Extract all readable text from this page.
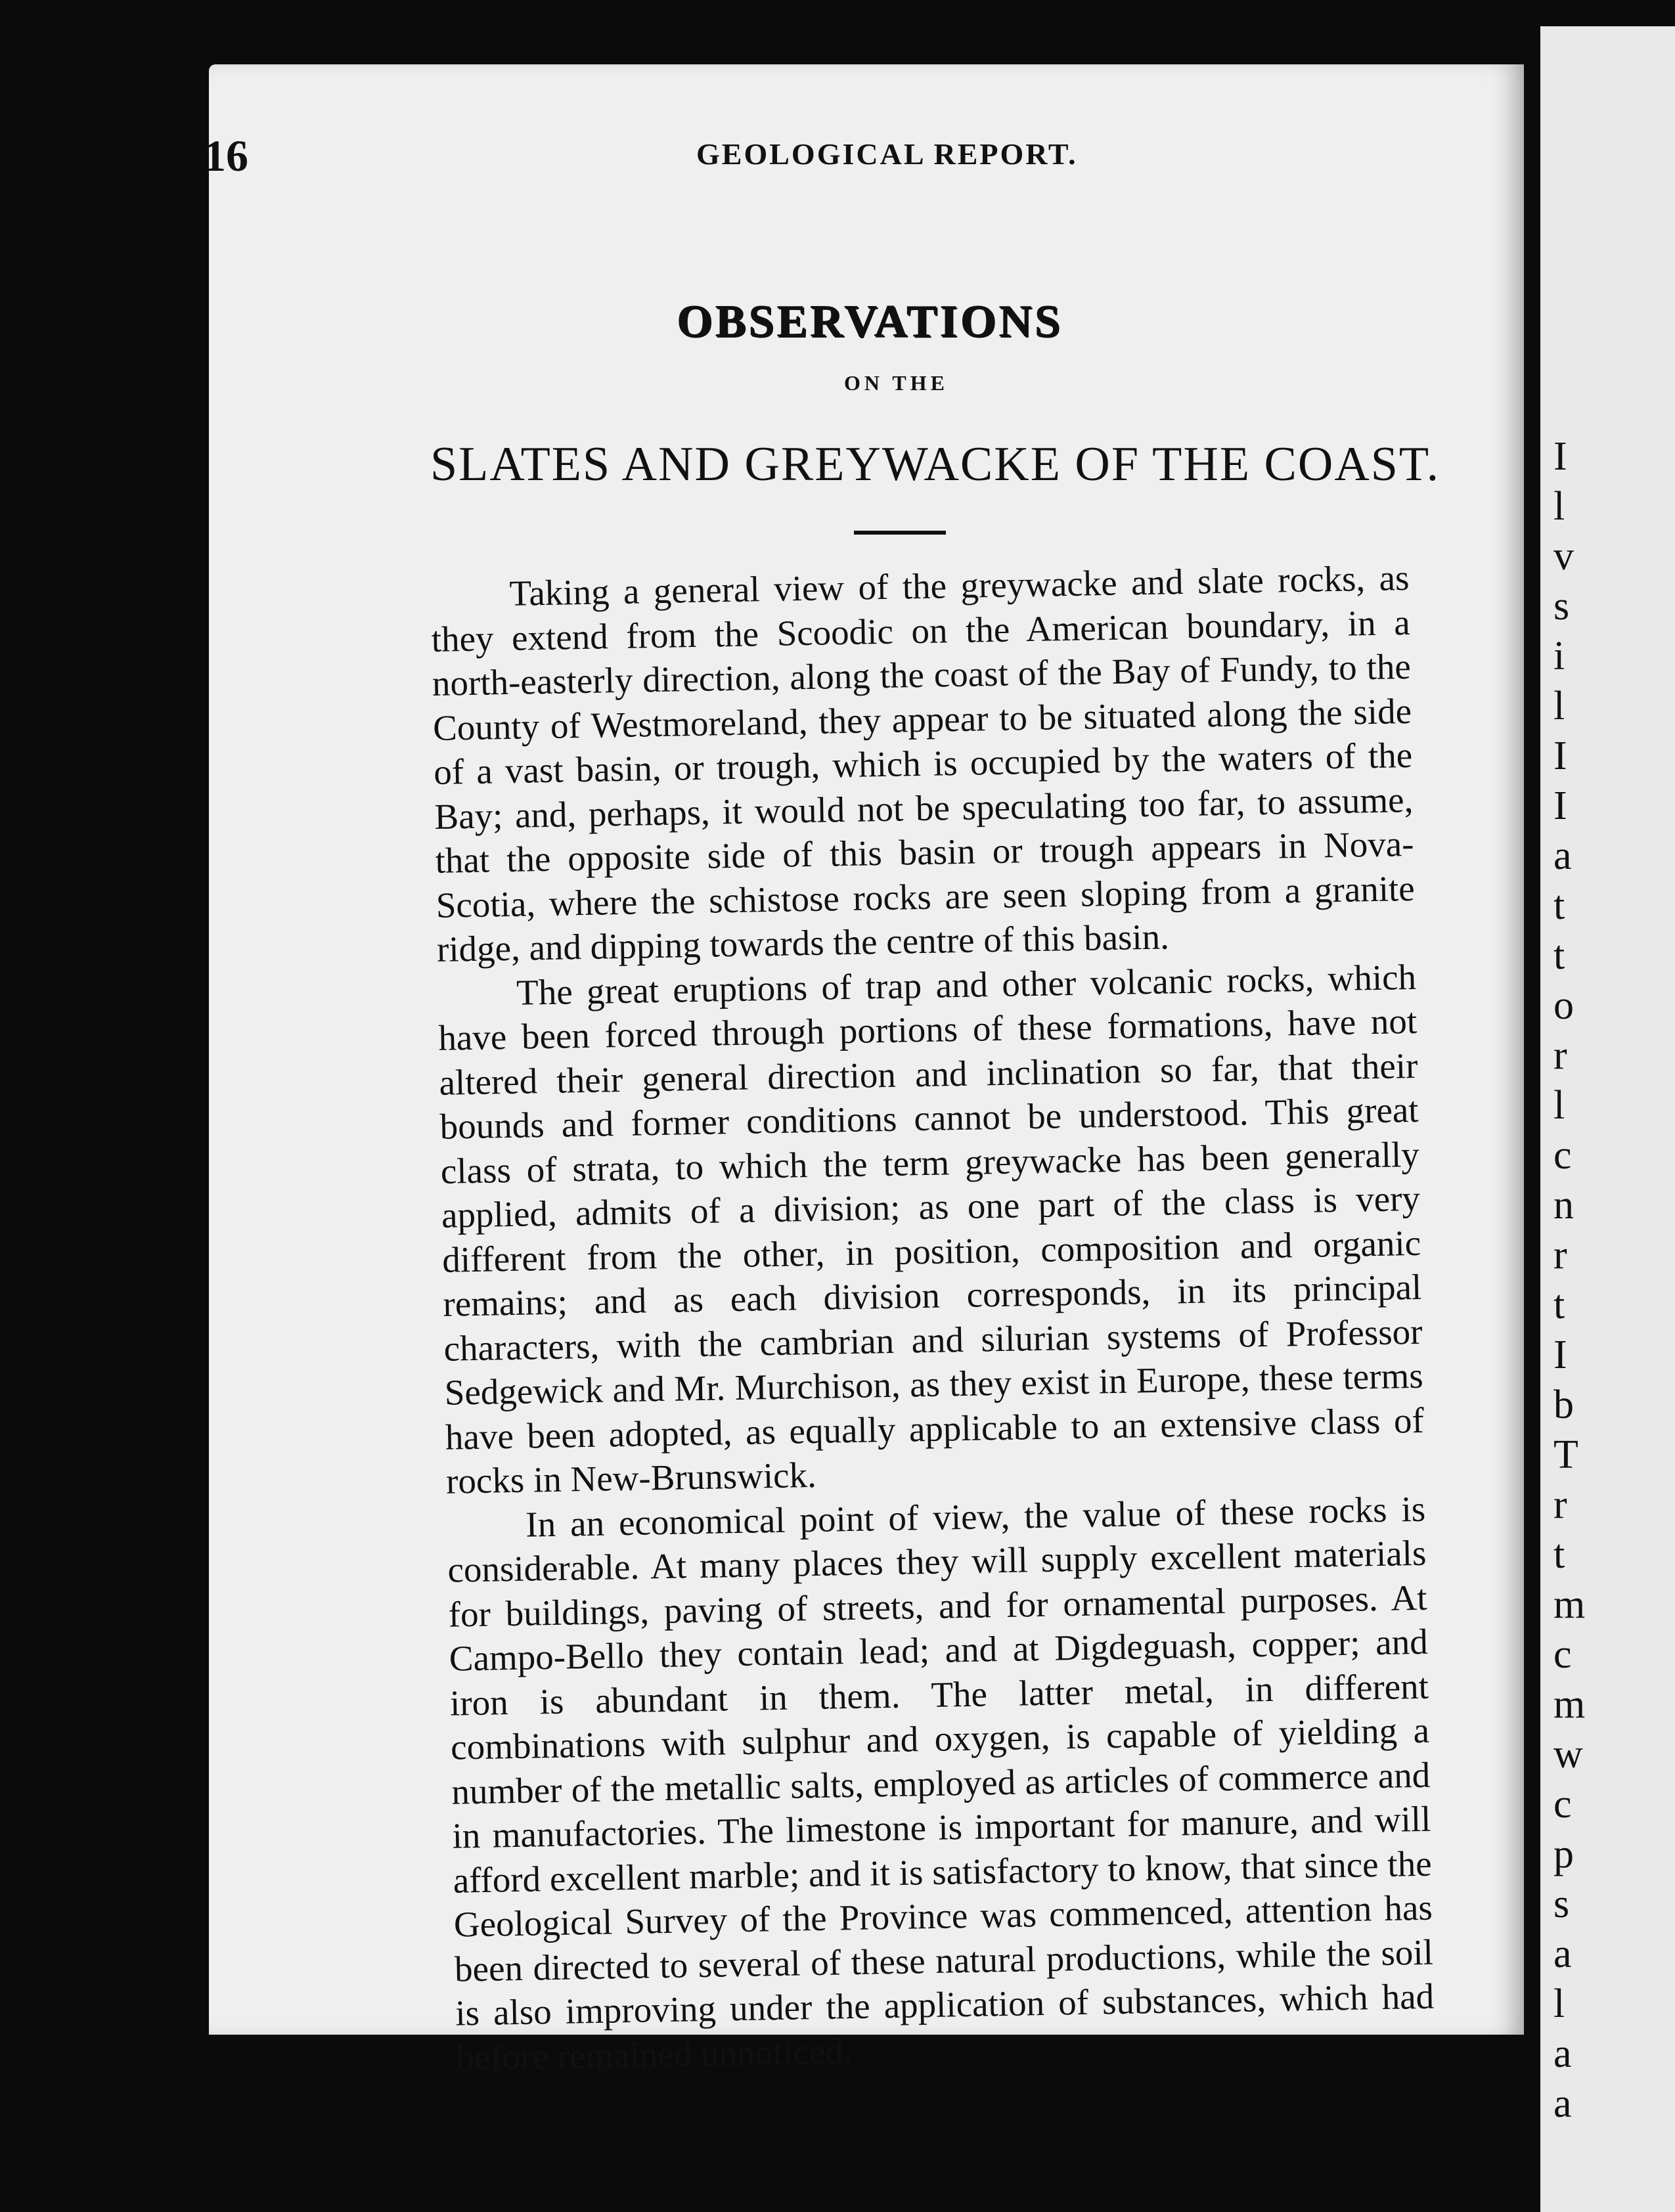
I
l
v
s
i
l
I
I
a
t
t
o
r
l
c
n
r
t
I
b
T
r
t
m
c
m
w
c
p
s
a
l
a
a
16	GEOLOGICAL REPORT.
OBSERVATIONS
ON THE
SLATES AND GREYWACKE OF THE COAST.

Taking a general view of the greywacke and slate rocks, as they extend from the Scoodic on the American boundary, in a north-easterly direction, along the coast of the Bay of Fundy, to the County of Westmoreland, they appear to be situated along the side of a vast basin, or trough, which is occupied by the waters of the Bay; and, perhaps, it would not be speculating too far, to assume, that the opposite side of this basin or trough appears in Nova-Scotia, where the schistose rocks are seen sloping from a granite ridge, and dipping towards the centre of this basin.

The great eruptions of trap and other volcanic rocks, which have been forced through portions of these formations, have not altered their general direction and inclination so far, that their bounds and former conditions cannot be understood. This great class of strata, to which the term greywacke has been generally applied, admits of a division; as one part of the class is very different from the other, in position, composition and organic remains; and as each division corresponds, in its principal characters, with the cambrian and silurian systems of Professor Sedgewick and Mr. Murchison, as they exist in Europe, these terms have been adopted, as equally applicable to an extensive class of rocks in New-Brunswick.

In an economical point of view, the value of these rocks is considerable. At many places they will supply excellent materials for buildings, paving of streets, and for ornamental purposes. At Campo-Bello they contain lead; and at Digdeguash, copper; and iron is abundant in them. The latter metal, in different combinations with sulphur and oxygen, is capable of yielding a number of the metallic salts, employed as articles of commerce and in manufactories. The limestone is important for manure, and will afford excellent marble; and it is satisfactory to know, that since the Geological Survey of the Province was commenced, attention has been directed to several of these natural productions, while the soil is also improving under the application of substances, which had before remained unnoticed.
